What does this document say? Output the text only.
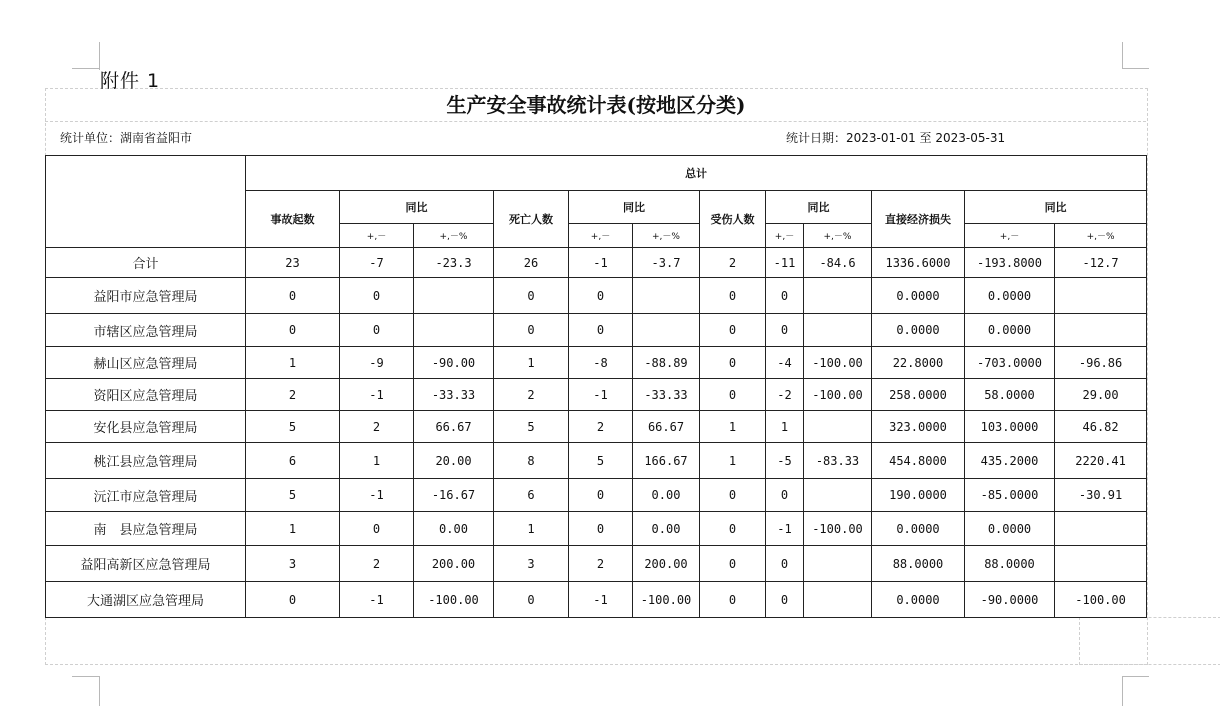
附件 1
生产安全事故统计表(按地区分类)
统计单位：湖南省益阳市	统计日期：2023-01-01 至 2023-05-31
	总计											
	事故起数	同比		死亡人数	同比		受伤人数	同比		直接经济损失	同比	
		+,－	+,－%		+,－	+,－%		+,－	+,－%		+,－	+,－%
合计	23	-7	-23.3	26	-1	-3.7	2	-11	-84.6	1336.6000	-193.8000	-12.7
益阳市应急管理局	0	0		0	0		0	0		0.0000	0.0000	
市辖区应急管理局	0	0		0	0		0	0		0.0000	0.0000	
赫山区应急管理局	1	-9	-90.00	1	-8	-88.89	0	-4	-100.00	22.8000	-703.0000	-96.86
资阳区应急管理局	2	-1	-33.33	2	-1	-33.33	0	-2	-100.00	258.0000	58.0000	29.00
安化县应急管理局	5	2	66.67	5	2	66.67	1	1		323.0000	103.0000	46.82
桃江县应急管理局	6	1	20.00	8	5	166.67	1	-5	-83.33	454.8000	435.2000	2220.41
沅江市应急管理局	5	-1	-16.67	6	0	0.00	0	0		190.0000	-85.0000	-30.91
南　县应急管理局	1	0	0.00	1	0	0.00	0	-1	-100.00	0.0000	0.0000	
益阳高新区应急管理局	3	2	200.00	3	2	200.00	0	0		88.0000	88.0000	
大通湖区应急管理局	0	-1	-100.00	0	-1	-100.00	0	0		0.0000	-90.0000	-100.00
